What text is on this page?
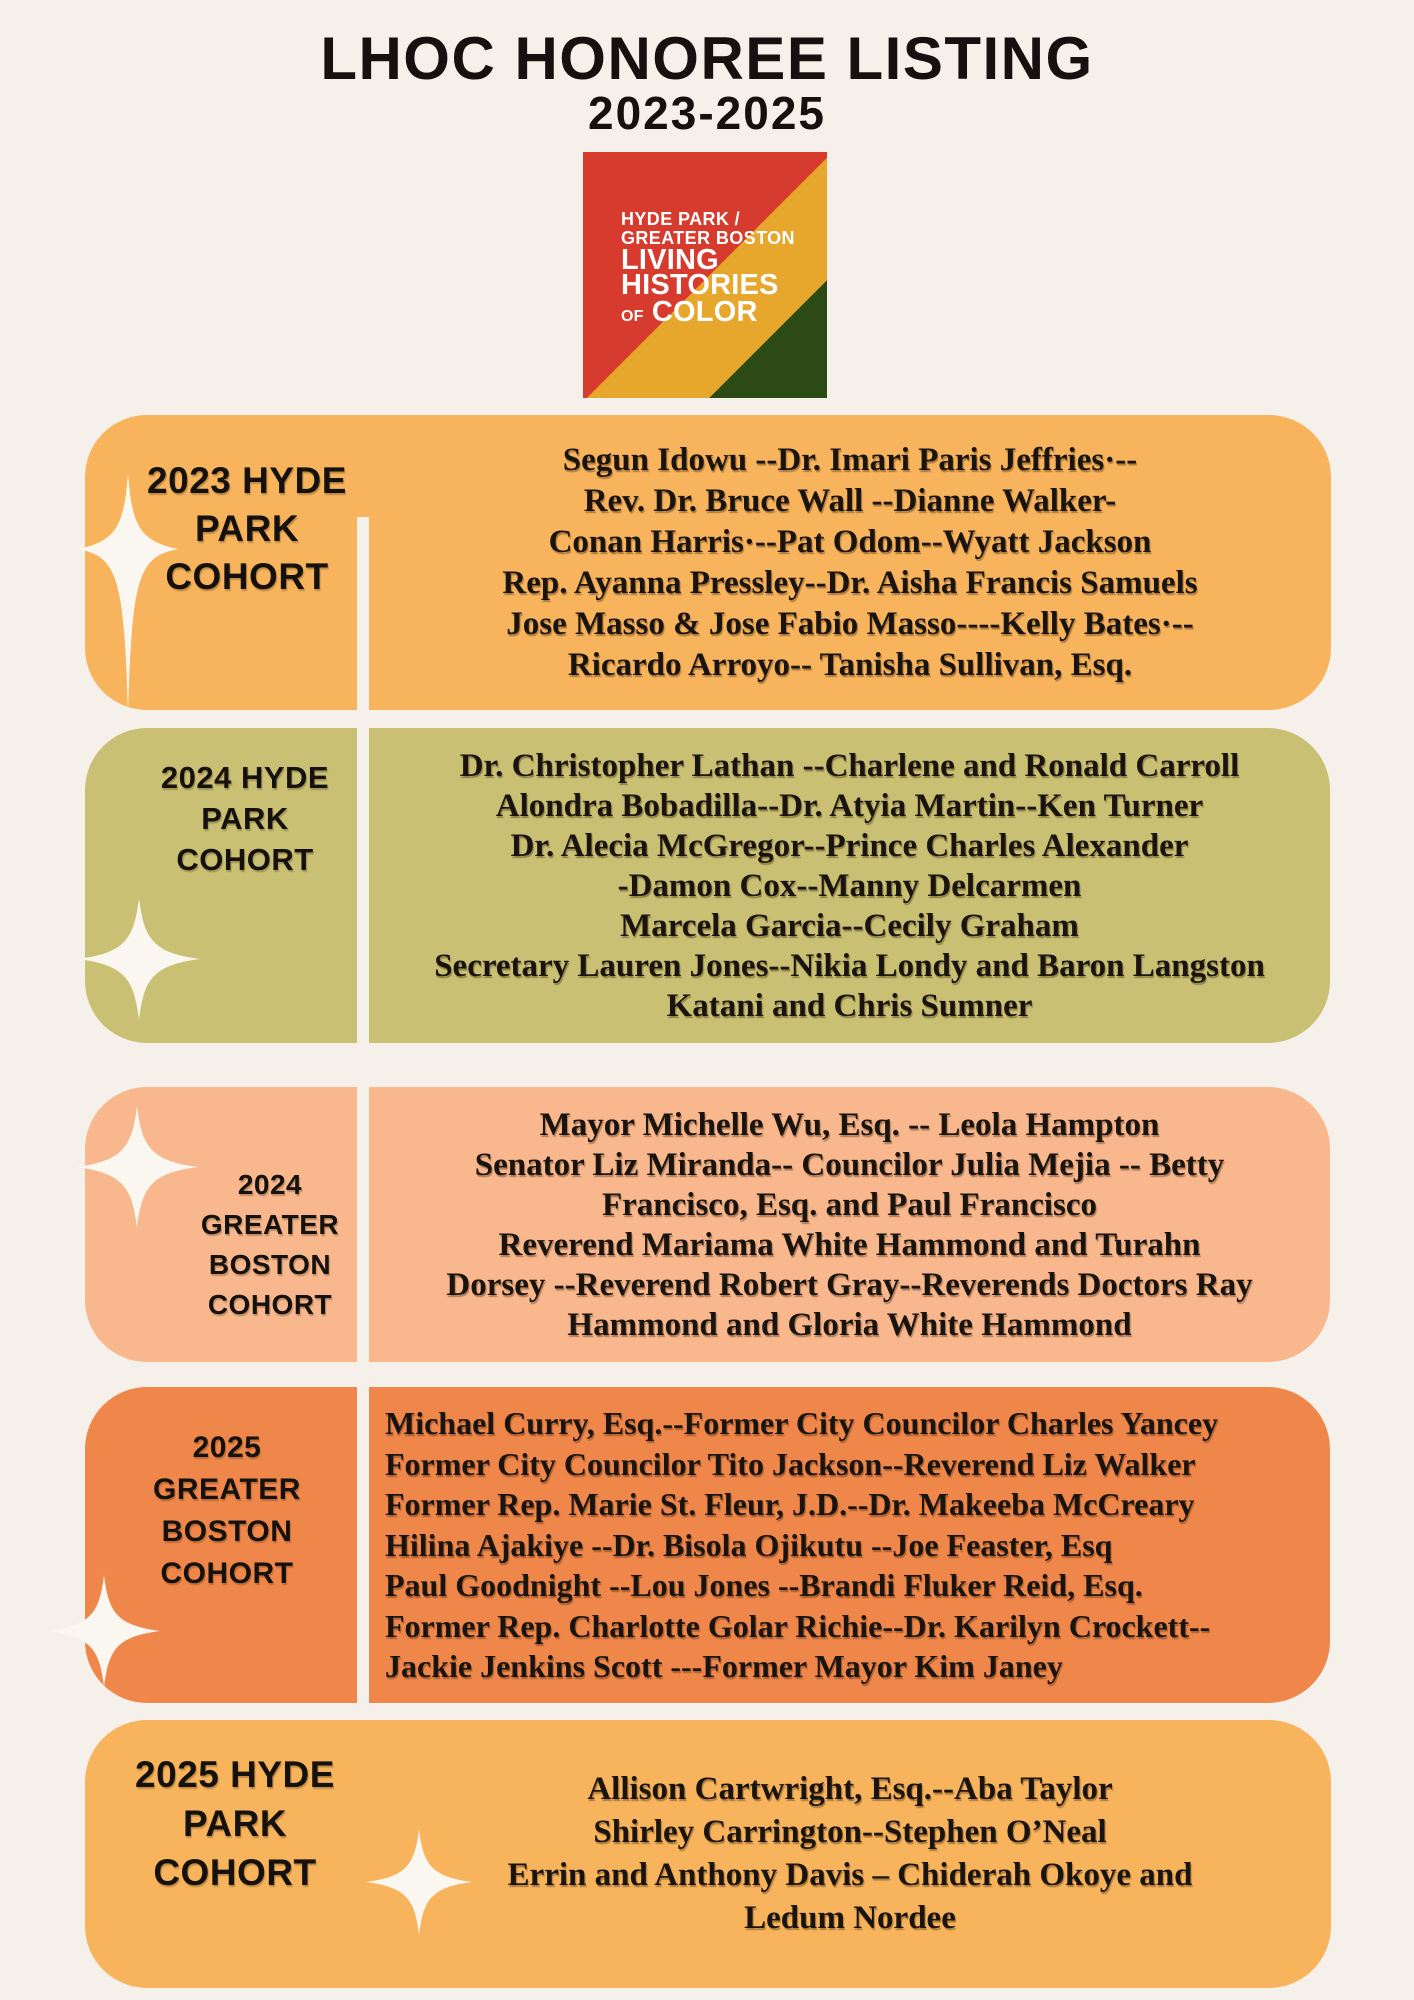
LHOC HONOREE LISTING
2023-2025
HYDE PARK /
GREATER BOSTON
LIVING
HISTORIES
OF COLOR
2023 HYDE
PARK
COHORT
Segun Idowu --Dr. Imari Paris Jeffries·--
Rev. Dr. Bruce Wall --Dianne Walker-
Conan Harris·--Pat Odom--Wyatt Jackson
Rep. Ayanna Pressley--Dr. Aisha Francis Samuels
Jose Masso & Jose Fabio Masso----Kelly Bates·--
Ricardo Arroyo-- Tanisha Sullivan, Esq.
2024 HYDE
PARK
COHORT
Dr. Christopher Lathan --Charlene and Ronald Carroll
Alondra Bobadilla--Dr. Atyia Martin--Ken Turner
Dr. Alecia McGregor--Prince Charles Alexander
-Damon Cox--Manny Delcarmen
Marcela Garcia--Cecily Graham
Secretary Lauren Jones--Nikia Londy and Baron Langston
Katani and Chris Sumner
2024
GREATER
BOSTON
COHORT
Mayor Michelle Wu, Esq. -- Leola Hampton
Senator Liz Miranda-- Councilor Julia Mejia -- Betty
Francisco, Esq. and Paul Francisco
Reverend Mariama White Hammond and Turahn
Dorsey --Reverend Robert Gray--Reverends Doctors Ray
Hammond and Gloria White Hammond
2025
GREATER
BOSTON
COHORT
Michael Curry, Esq.--Former City Councilor Charles Yancey
Former City Councilor Tito Jackson--Reverend Liz Walker
Former Rep. Marie St. Fleur, J.D.--Dr. Makeeba McCreary
Hilina Ajakiye --Dr. Bisola Ojikutu --Joe Feaster, Esq
Paul Goodnight --Lou Jones --Brandi Fluker Reid, Esq.
Former Rep. Charlotte Golar Richie--Dr. Karilyn Crockett--
Jackie Jenkins Scott ---Former Mayor Kim Janey
2025 HYDE
PARK
COHORT
Allison Cartwright, Esq.--Aba Taylor
Shirley Carrington--Stephen O’Neal
Errin and Anthony Davis – Chiderah Okoye and
Ledum Nordee
